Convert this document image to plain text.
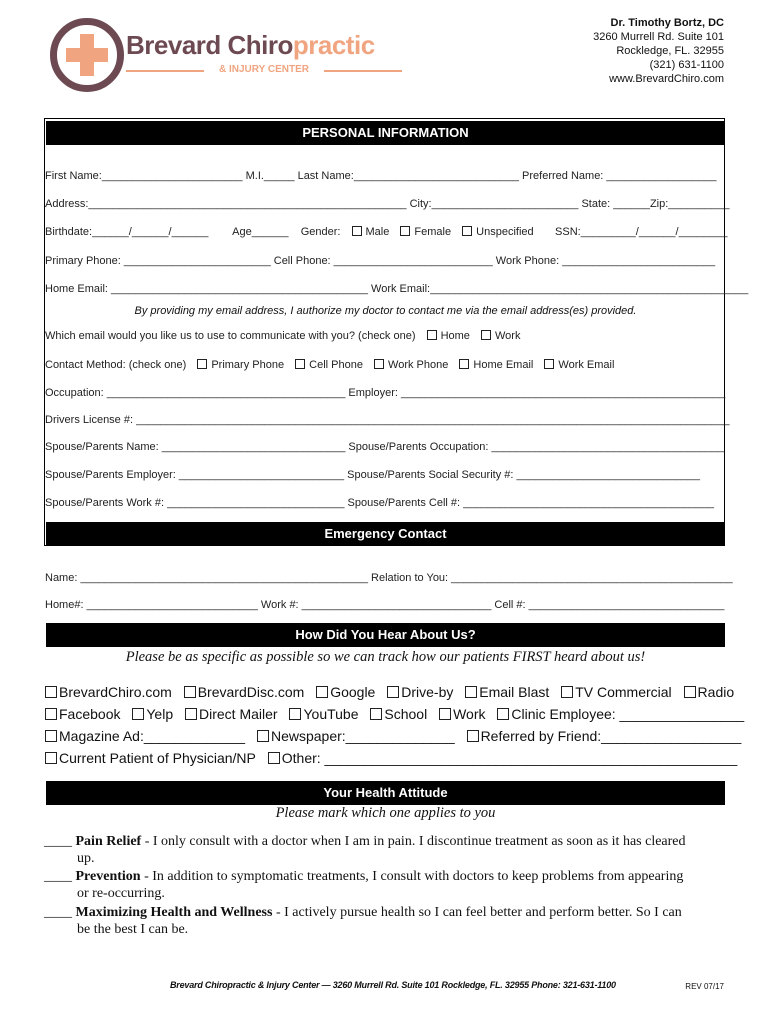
Brevard Chiropractic
& INJURY CENTER
Dr. Timothy Bortz, DC
3260 Murrell Rd. Suite 101
Rockledge, FL. 32955
(321) 631-1100
www.BrevardChiro.com
PERSONAL INFORMATION
First Name:_______________________ M.I._____ Last Name:___________________________ Preferred Name: __________________
Address:____________________________________________________ City:________________________ State: ______Zip:__________
Birthdate:______/______/______ Age______ Gender: Male Female Unspecified SSN:_________/______/________
Primary Phone: ________________________ Cell Phone: __________________________ Work Phone: _________________________
Home Email: __________________________________________ Work Email:____________________________________________________
By providing my email address, I authorize my doctor to contact me via the email address(es) provided.
Which email would you like us to use to communicate with you? (check one) Home Work
Contact Method: (check one) Primary Phone Cell Phone Work Phone Home Email Work Email
Occupation: _______________________________________ Employer: _____________________________________________________
Drivers License #: _________________________________________________________________________________________________
Spouse/Parents Name: ______________________________ Spouse/Parents Occupation: ______________________________________
Spouse/Parents Employer: ___________________________ Spouse/Parents Social Security #: ______________________________
Spouse/Parents Work #: _____________________________ Spouse/Parents Cell #: _________________________________________
Emergency Contact
Name: _______________________________________________ Relation to You: ______________________________________________
Home#: ____________________________ Work #: _______________________________ Cell #: ________________________________
How Did You Hear About Us?
Please be as specific as possible so we can track how our patients FIRST heard about us!
BrevardChiro.com BrevardDisc.com Google Drive-by Email Blast TV Commercial Radio
Facebook Yelp Direct Mailer YouTube School Work Clinic Employee: ________________
Magazine Ad:_____________ Newspaper:______________ Referred by Friend:__________________
Current Patient of Physician/NP Other: _____________________________________________________
Your Health Attitude
Please mark which one applies to you
____ Pain Relief - I only consult with a doctor when I am in pain. I discontinue treatment as soon as it has cleared
up.
____ Prevention - In addition to symptomatic treatments, I consult with doctors to keep problems from appearing
or re-occurring.
____ Maximizing Health and Wellness - I actively pursue health so I can feel better and perform better. So I can
be the best I can be.
Brevard Chiropractic & Injury Center — 3260 Murrell Rd. Suite 101 Rockledge, FL. 32955 Phone: 321-631-1100	REV 07/17
